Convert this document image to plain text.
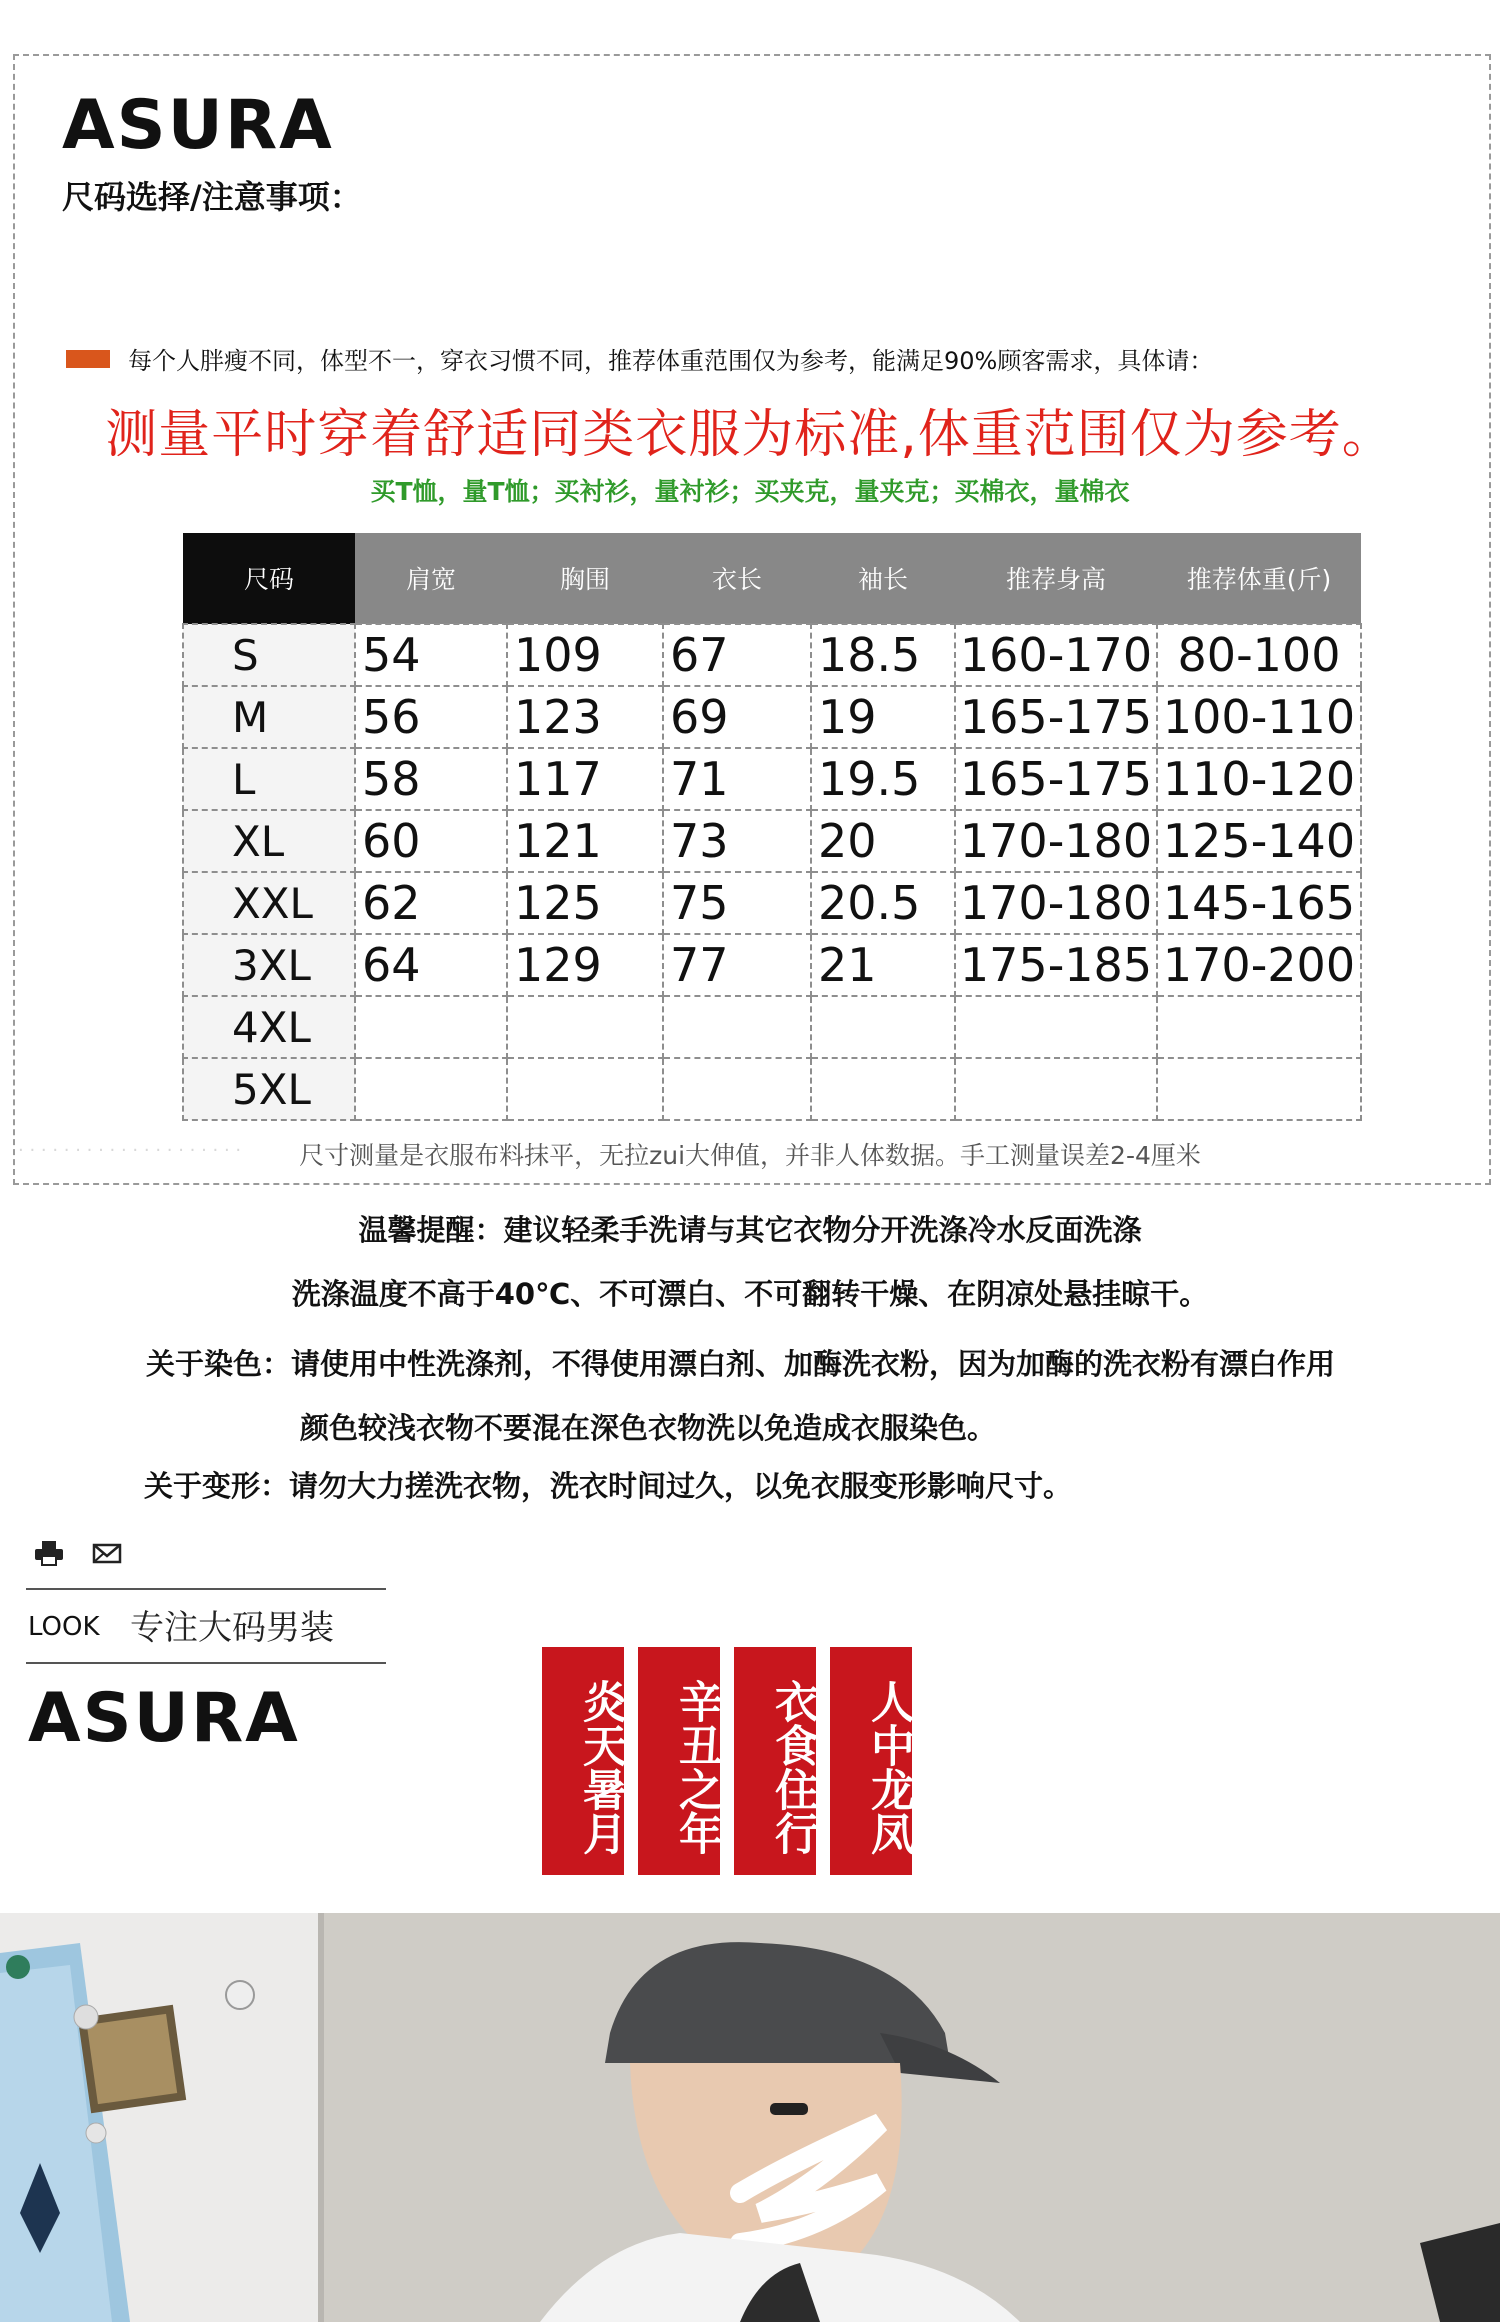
ASURA
尺码选择/注意事项：
每个人胖瘦不同，体型不一，穿衣习惯不同，推荐体重范围仅为参考，能满足90%顾客需求，具体请：
测量平时穿着舒适同类衣服为标准,体重范围仅为参考。
买T恤，量T恤；买衬衫，量衬衫；买夹克，量夹克；买棉衣，量棉衣
尺码	肩宽	胸围	衣长	袖长	推荐身高	推荐体重(斤)
S	54	109	67	18.5	160-170	80-100
M	56	123	69	19	165-175	100-110
L	58	117	71	19.5	165-175	110-120
XL	60	121	73	20	170-180	125-140
XXL	62	125	75	20.5	170-180	145-165
3XL	64	129	77	21	175-185	170-200
4XL						
5XL						
· · · · · · · · · · · · · · · · · · · ·	尺寸测量是衣服布料抹平，无拉zui大伸值，并非人体数据。手工测量误差2-4厘米
温馨提醒：建议轻柔手洗请与其它衣物分开洗涤冷水反面洗涤
洗涤温度不高于40℃、不可漂白、不可翻转干燥、在阴凉处悬挂晾干。
关于染色：请使用中性洗涤剂，不得使用漂白剂、加酶洗衣粉，因为加酶的洗衣粉有漂白作用
颜色较浅衣物不要混在深色衣物洗以免造成衣服染色。
关于变形：请勿大力搓洗衣物，洗衣时间过久，以免衣服变形影响尺寸。
LOOK 专注大码男装
ASURA	炎天暑月	辛丑之年	衣食住行	人中龙凤
